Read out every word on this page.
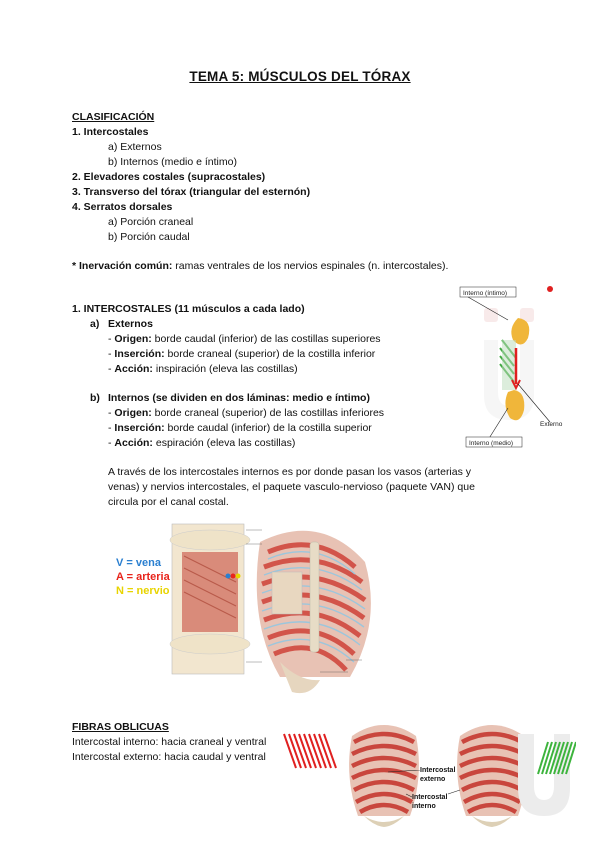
TEMA 5: MÚSCULOS DEL TÓRAX
CLASIFICACIÓN
1. Intercostales
a) Externos
b) Internos (medio e íntimo)
2. Elevadores costales (supracostales)
3. Transverso del tórax (triangular del esternón)
4. Serratos dorsales
a) Porción craneal
b) Porción caudal
* Inervación común: ramas ventrales de los nervios espinales (n. intercostales).
1. INTERCOSTALES (11 músculos a cada lado)
a) Externos
- Origen: borde caudal (inferior) de las costillas superiores
- Inserción: borde craneal (superior) de la costilla inferior
- Acción: inspiración (eleva las costillas)
b) Internos (se dividen en dos láminas: medio e íntimo)
- Origen: borde craneal (superior) de las costillas inferiores
- Inserción: borde caudal (inferior) de la costilla superior
- Acción: espiración (eleva las costillas)
A través de los intercostales internos es por donde pasan los vasos (arterias y
venas) y nervios intercostales, el paquete vasculo-nervioso (paquete VAN) que
circula por el canal costal.
Interno (íntimo)
Externo
Interno (medio)
V = vena
A = arteria
N = nervio
FIBRAS OBLICUAS
Intercostal interno: hacia craneal y ventral
Intercostal externo: hacia caudal y ventral
Intercostal
externo
Intercostal
interno
